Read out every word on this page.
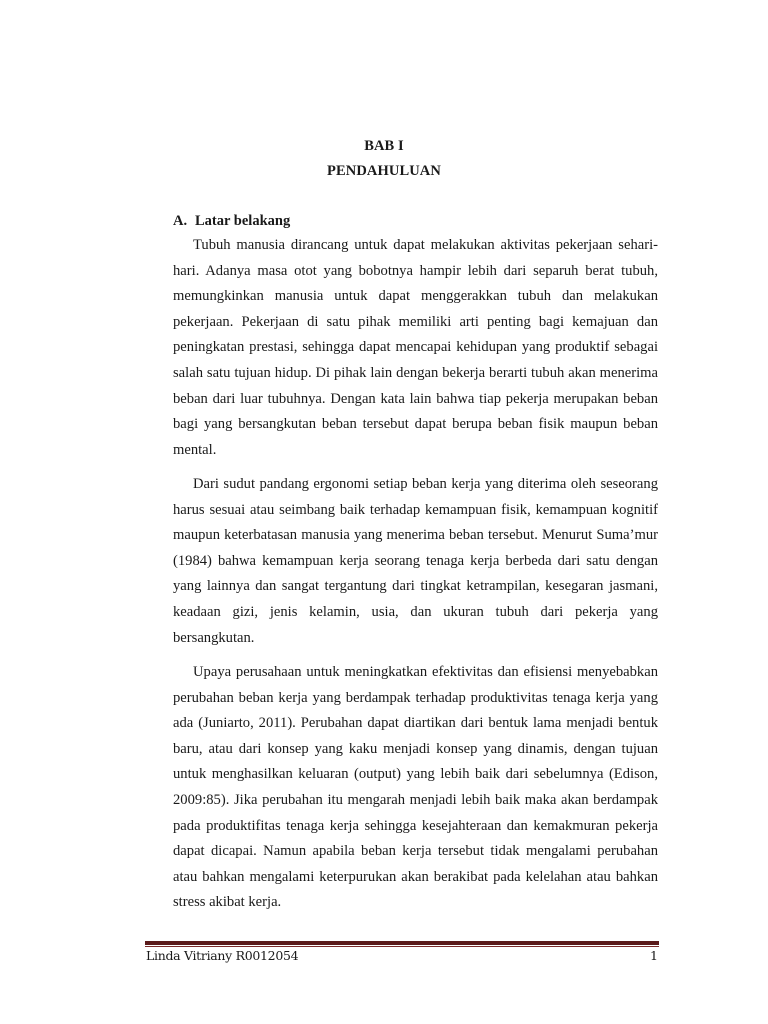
BAB I
PENDAHULUAN
A. Latar belakang

Tubuh manusia dirancang untuk dapat melakukan aktivitas pekerjaan sehari-hari. Adanya masa otot yang bobotnya hampir lebih dari separuh berat tubuh, memungkinkan manusia untuk dapat menggerakkan tubuh dan melakukan pekerjaan. Pekerjaan di satu pihak memiliki arti penting bagi kemajuan dan peningkatan prestasi, sehingga dapat mencapai kehidupan yang produktif sebagai salah satu tujuan hidup. Di pihak lain dengan bekerja berarti tubuh akan menerima beban dari luar tubuhnya. Dengan kata lain bahwa tiap pekerja merupakan beban bagi yang bersangkutan beban tersebut dapat berupa beban fisik maupun beban mental.

Dari sudut pandang ergonomi setiap beban kerja yang diterima oleh seseorang harus sesuai atau seimbang baik terhadap kemampuan fisik, kemampuan kognitif maupun keterbatasan manusia yang menerima beban tersebut. Menurut Suma’mur (1984) bahwa kemampuan kerja seorang tenaga kerja berbeda dari satu dengan yang lainnya dan sangat tergantung dari tingkat ketrampilan, kesegaran jasmani, keadaan gizi, jenis kelamin, usia, dan ukuran tubuh dari pekerja yang bersangkutan.

Upaya perusahaan untuk meningkatkan efektivitas dan efisiensi menyebabkan perubahan beban kerja yang berdampak terhadap produktivitas tenaga kerja yang ada (Juniarto, 2011). Perubahan dapat diartikan dari bentuk lama menjadi bentuk baru, atau dari konsep yang kaku menjadi konsep yang dinamis, dengan tujuan untuk menghasilkan keluaran (output) yang lebih baik dari sebelumnya (Edison, 2009:85). Jika perubahan itu mengarah menjadi lebih baik maka akan berdampak pada produktifitas tenaga kerja sehingga kesejahteraan dan kemakmuran pekerja dapat dicapai. Namun apabila beban kerja tersebut tidak mengalami perubahan atau bahkan mengalami keterpurukan akan berakibat pada kelelahan atau bahkan stress akibat kerja.

Linda Vitriany R0012054	1
